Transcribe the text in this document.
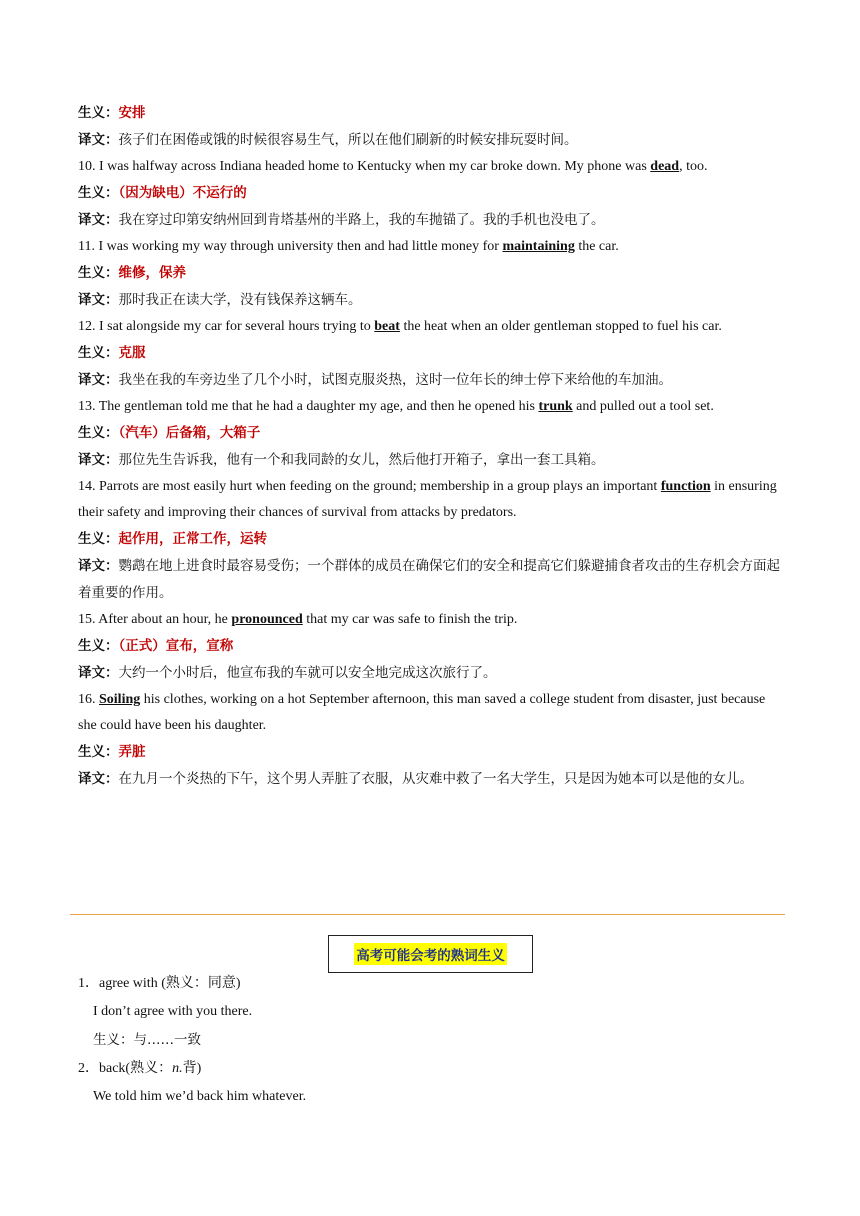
生义：安排

译文：孩子们在困倦或饿的时候很容易生气，所以在他们刷新的时候安排玩耍时间。

10. I was halfway across Indiana headed home to Kentucky when my car broke down. My phone was dead, too.

生义：（因为缺电）不运行的

译文：我在穿过印第安纳州回到肯塔基州的半路上，我的车抛锚了。我的手机也没电了。

11. I was working my way through university then and had little money for maintaining the car.

生义：维修，保养

译文：那时我正在读大学，没有钱保养这辆车。

12. I sat alongside my car for several hours trying to beat the heat when an older gentleman stopped to fuel his car.

生义：克服

译文：我坐在我的车旁边坐了几个小时，试图克服炎热，这时一位年长的绅士停下来给他的车加油。

13. The gentleman told me that he had a daughter my age, and then he opened his trunk and pulled out a tool set.

生义：（汽车）后备箱，大箱子

译文：那位先生告诉我，他有一个和我同龄的女儿，然后他打开箱子，拿出一套工具箱。

14. Parrots are most easily hurt when feeding on the ground; membership in a group plays an important function in ensuring their safety and improving their chances of survival from attacks by predators.

生义：起作用，正常工作，运转

译文：鹦鹉在地上进食时最容易受伤；一个群体的成员在确保它们的安全和提高它们躲避捕食者攻击的生存机会方面起着重要的作用。

15. After about an hour, he pronounced that my car was safe to finish the trip.

生义：（正式）宣布，宣称

译文：大约一个小时后，他宣布我的车就可以安全地完成这次旅行了。

16. Soiling his clothes, working on a hot September afternoon, this man saved a college student from disaster, just because she could have been his daughter.

生义：弄脏

译文：在九月一个炎热的下午，这个男人弄脏了衣服，从灾难中救了一名大学生，只是因为她本可以是他的女儿。

高考可能会考的熟词生义

1．agree with (熟义：同意)

I don’t agree with you there.

生义：与……一致

2．back(熟义：n.背)

We told him we’d back him whatever.
